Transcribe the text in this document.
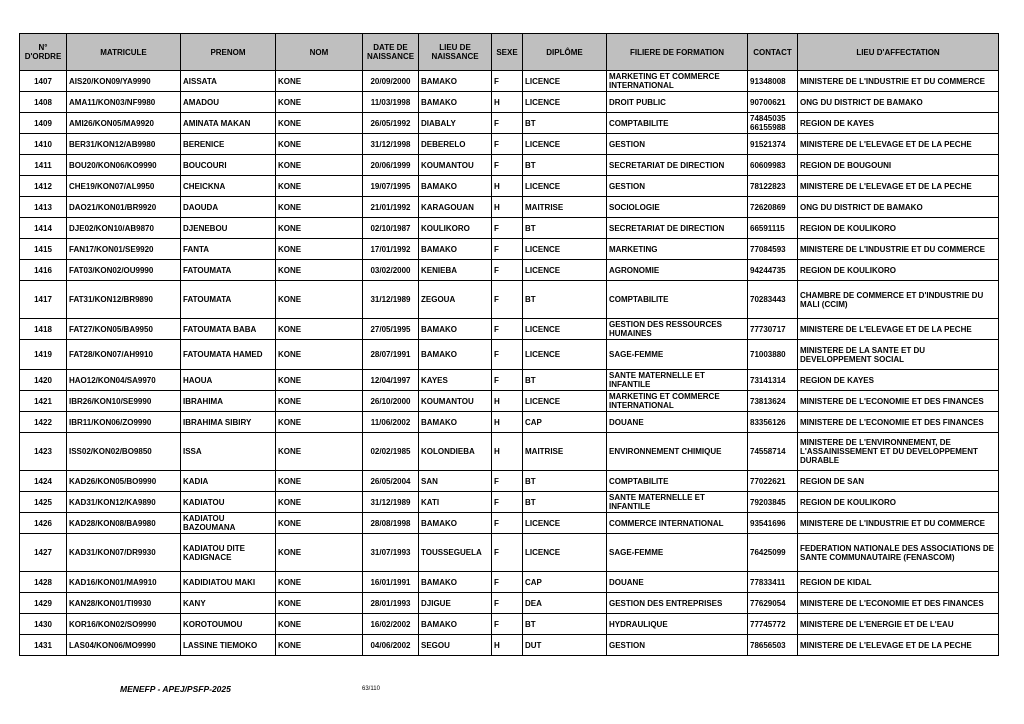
N° D'ORDRE	MATRICULE	PRENOM	NOM	DATE DE NAISSANCE	LIEU DE NAISSANCE	SEXE	DIPLÔME	FILIERE DE FORMATION	CONTACT	LIEU D'AFFECTATION
1407	AIS20/KON09/YA9990	AISSATA	KONE	20/09/2000	BAMAKO	F	LICENCE	MARKETING ET COMMERCE INTERNATIONAL	91348008	MINISTERE DE L'INDUSTRIE ET DU COMMERCE
1408	AMA11/KON03/NF9980	AMADOU	KONE	11/03/1998	BAMAKO	H	LICENCE	DROIT PUBLIC	90700621	ONG DU DISTRICT DE BAMAKO
1409	AMI26/KON05/MA9920	AMINATA MAKAN	KONE	26/05/1992	DIABALY	F	BT	COMPTABILITE	74845035 66155988	REGION DE KAYES
1410	BER31/KON12/AB9980	BERENICE	KONE	31/12/1998	DEBERELO	F	LICENCE	GESTION	91521374	MINISTERE DE L'ELEVAGE ET DE LA PECHE
1411	BOU20/KON06/KO9990	BOUCOURI	KONE	20/06/1999	KOUMANTOU	F	BT	SECRETARIAT DE DIRECTION	60609983	REGION DE BOUGOUNI
1412	CHE19/KON07/AL9950	CHEICKNA	KONE	19/07/1995	BAMAKO	H	LICENCE	GESTION	78122823	MINISTERE DE L'ELEVAGE ET DE LA PECHE
1413	DAO21/KON01/BR9920	DAOUDA	KONE	21/01/1992	KARAGOUAN	H	MAITRISE	SOCIOLOGIE	72620869	ONG DU DISTRICT DE BAMAKO
1414	DJE02/KON10/AB9870	DJENEBOU	KONE	02/10/1987	KOULIKORO	F	BT	SECRETARIAT DE DIRECTION	66591115	REGION DE KOULIKORO
1415	FAN17/KON01/SE9920	FANTA	KONE	17/01/1992	BAMAKO	F	LICENCE	MARKETING	77084593	MINISTERE DE L'INDUSTRIE ET DU COMMERCE
1416	FAT03/KON02/OU9990	FATOUMATA	KONE	03/02/2000	KENIEBA	F	LICENCE	AGRONOMIE	94244735	REGION DE KOULIKORO
1417	FAT31/KON12/BR9890	FATOUMATA	KONE	31/12/1989	ZEGOUA	F	BT	COMPTABILITE	70283443	CHAMBRE DE COMMERCE ET D'INDUSTRIE DU MALI (CCIM)
1418	FAT27/KON05/BA9950	FATOUMATA BABA	KONE	27/05/1995	BAMAKO	F	LICENCE	GESTION DES RESSOURCES HUMAINES	77730717	MINISTERE DE L'ELEVAGE ET DE LA PECHE
1419	FAT28/KON07/AH9910	FATOUMATA HAMED	KONE	28/07/1991	BAMAKO	F	LICENCE	SAGE-FEMME	71003880	MINISTERE DE LA SANTE ET DU DEVELOPPEMENT SOCIAL
1420	HAO12/KON04/SA9970	HAOUA	KONE	12/04/1997	KAYES	F	BT	SANTE MATERNELLE ET INFANTILE	73141314	REGION DE KAYES
1421	IBR26/KON10/SE9990	IBRAHIMA	KONE	26/10/2000	KOUMANTOU	H	LICENCE	MARKETING ET COMMERCE INTERNATIONAL	73813624	MINISTERE DE L'ECONOMIE ET DES FINANCES
1422	IBR11/KON06/ZO9990	IBRAHIMA SIBIRY	KONE	11/06/2002	BAMAKO	H	CAP	DOUANE	83356126	MINISTERE DE L'ECONOMIE ET DES FINANCES
1423	ISS02/KON02/BO9850	ISSA	KONE	02/02/1985	KOLONDIEBA	H	MAITRISE	ENVIRONNEMENT CHIMIQUE	74558714	MINISTERE DE L'ENVIRONNEMENT, DE L'ASSAINISSEMENT ET DU DEVELOPPEMENT DURABLE
1424	KAD26/KON05/BO9990	KADIA	KONE	26/05/2004	SAN	F	BT	COMPTABILITE	77022621	REGION DE SAN
1425	KAD31/KON12/KA9890	KADIATOU	KONE	31/12/1989	KATI	F	BT	SANTE MATERNELLE ET INFANTILE	79203845	REGION DE KOULIKORO
1426	KAD28/KON08/BA9980	KADIATOU BAZOUMANA	KONE	28/08/1998	BAMAKO	F	LICENCE	COMMERCE INTERNATIONAL	93541696	MINISTERE DE L'INDUSTRIE ET DU COMMERCE
1427	KAD31/KON07/DR9930	KADIATOU DITE KADIGNACE	KONE	31/07/1993	TOUSSEGUELA	F	LICENCE	SAGE-FEMME	76425099	FEDERATION NATIONALE DES ASSOCIATIONS DE SANTE COMMUNAUTAIRE (FENASCOM)
1428	KAD16/KON01/MA9910	KADIDIATOU MAKI	KONE	16/01/1991	BAMAKO	F	CAP	DOUANE	77833411	REGION DE KIDAL
1429	KAN28/KON01/TI9930	KANY	KONE	28/01/1993	DJIGUE	F	DEA	GESTION DES ENTREPRISES	77629054	MINISTERE DE L'ECONOMIE ET DES FINANCES
1430	KOR16/KON02/SO9990	KOROTOUMOU	KONE	16/02/2002	BAMAKO	F	BT	HYDRAULIQUE	77745772	MINISTERE DE L'ENERGIE ET DE L'EAU
1431	LAS04/KON06/MO9990	LASSINE TIEMOKO	KONE	04/06/2002	SEGOU	H	DUT	GESTION	78656503	MINISTERE DE L'ELEVAGE ET DE LA PECHE
MENEFP - APEJ/PSFP-2025	63/110
